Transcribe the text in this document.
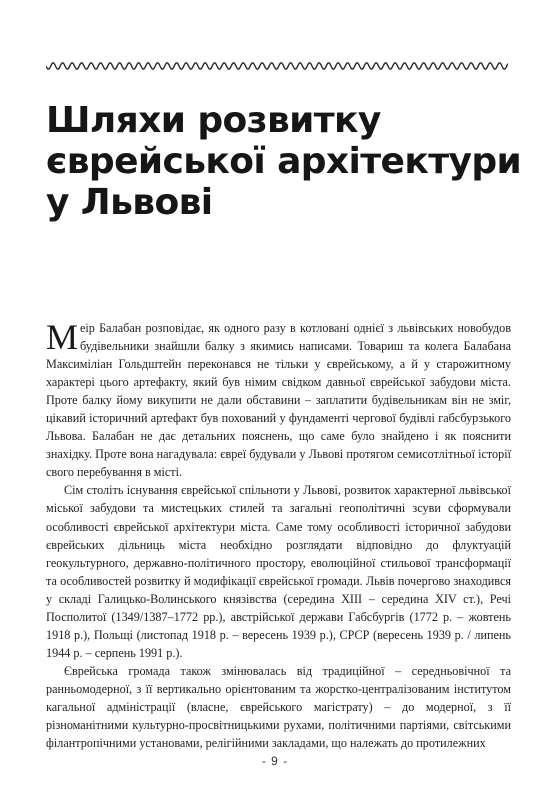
Шляхи розвитку
єврейської архітектури
у Львові

Меір Балабан розповідає, як одного разу в котловані однієї з львівських новобудов будівельники знайшли балку з якимись написами. Товариш та колега Балабана Максиміліан Гольдштейн переконався не тільки у єврейському, а й у старожитному характері цього артефакту, який був німим свідком давньої єврейської забудови міста. Проте балку йому викупити не дали обставини – заплатити будівельникам він не зміг, цікавий історичний артефакт був похований у фундаменті чергової будівлі габсбурзького Львова. Балабан не дає детальних пояснень, що саме було знайдено і як пояснити знахідку. Проте вона нагадувала: євреї будували у Львові протягом семисотлітньої історії свого перебування в місті.

Сім століть існування єврейської спільноти у Львові, розвиток характерної львівської міської забудови та мистецьких стилей та загальні геополітичні зсуви сформували особливості єврейської архітектури міста. Саме тому особливості історичної забудови єврейських дільниць міста необхідно розглядати відповідно до флуктуацій геокультурного, державно-політичного простору, еволюційної стильової трансформації та особливостей розвитку й модифікації єврейської громади. Львів почергово знаходився у складі Галицько-Волинського князівства (середина XIII – середина XIV ст.), Речі Посполитої (1349/1387–1772 рр.), австрійської держави Габсбургів (1772 р. – жовтень 1918 р.), Польщі (листопад 1918 р. – вересень 1939 р.), СРСР (вересень 1939 р. / липень 1944 р. – серпень 1991 р.).

Єврейська громада також змінювалась від традиційної – середньовічної та ранньомодерної, з її вертикально орієнтованим та жорстко-централізованим інститутом кагальної адміністрації (власне, єврейського магістрату) – до модерної, з її різноманітними культурно-просвітницькими рухами, політичними партіями, світськими філантропічними установами, релігійними закладами, що належать до протилежних

- 9 -
